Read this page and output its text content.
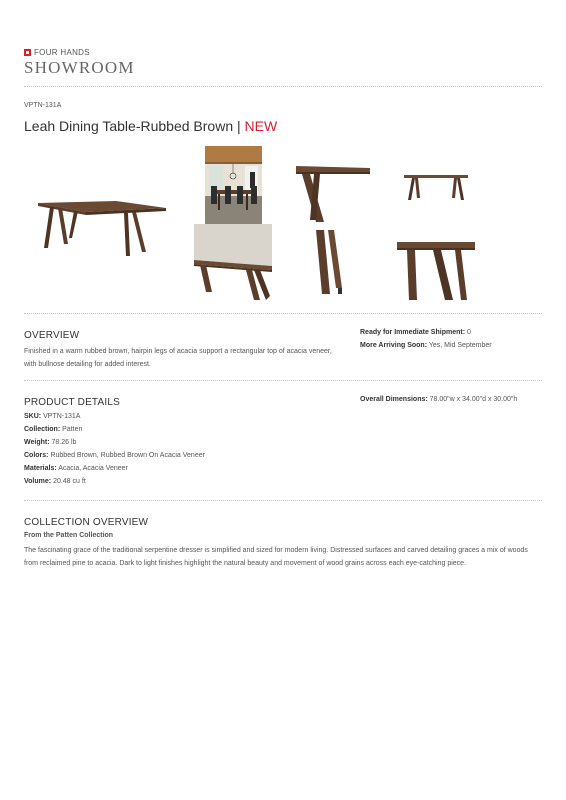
FOUR HANDS
SHOWROOM
VPTN-131A
Leah Dining Table-Rubbed Brown | NEW
OVERVIEW
Finished in a warm rubbed brown, hairpin legs of acacia support a rectangular top of acacia veneer, with bullnose detailing for added interest.
Ready for Immediate Shipment: 0
More Arriving Soon: Yes, Mid September
PRODUCT DETAILS
SKU: VPTN-131A
Collection: Patten
Weight: 78.26 lb
Colors: Rubbed Brown, Rubbed Brown On Acacia Veneer
Materials: Acacia, Acacia Veneer
Volume: 20.48 cu ft
Overall Dimensions: 78.00"w x 34.00"d x 30.00"h
COLLECTION OVERVIEW
From the Patten Collection
The fascinating grace of the traditional serpentine dresser is simplified and sized for modern living. Distressed surfaces and carved detailing graces a mix of woods from reclaimed pine to acacia. Dark to light finishes highlight the natural beauty and movement of wood grains across each eye-catching piece.
